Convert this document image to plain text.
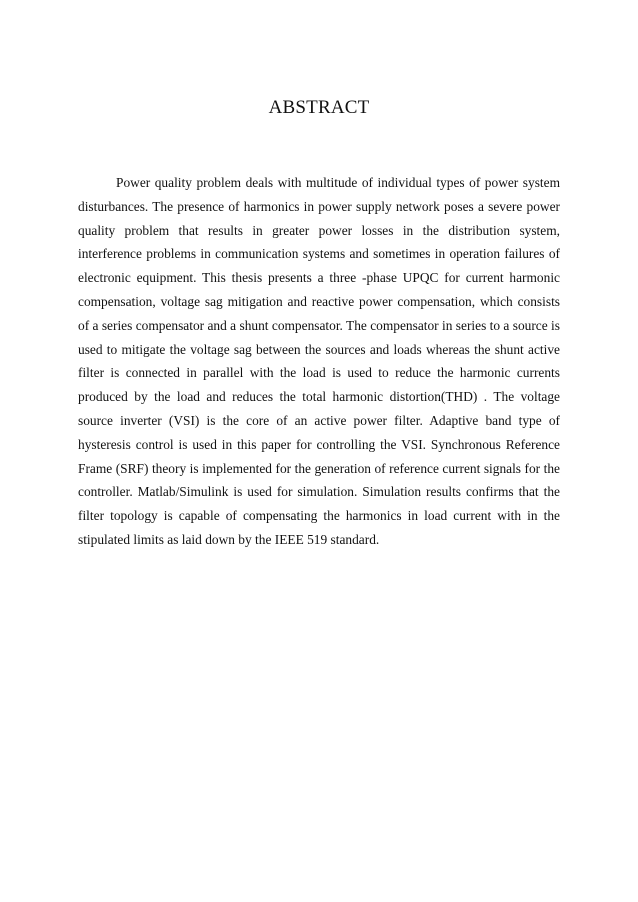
ABSTRACT

Power quality problem deals with multitude of individual types of power system disturbances. The presence of harmonics in power supply network poses a severe power quality problem that results in greater power losses in the distribution system, interference problems in communication systems and sometimes in operation failures of electronic equipment. This thesis presents a three -phase UPQC for current harmonic compensation, voltage sag mitigation and reactive power compensation, which consists of a series compensator and a shunt compensator. The compensator in series to a source is used to mitigate the voltage sag between the sources and loads whereas the shunt active filter is connected in parallel with the load is used to reduce the harmonic currents produced by the load and reduces the total harmonic distortion(THD) . The voltage source inverter (VSI) is the core of an active power filter. Adaptive band type of hysteresis control is used in this paper for controlling the VSI. Synchronous Reference Frame (SRF) theory is implemented for the generation of reference current signals for the controller. Matlab/Simulink is used for simulation. Simulation results confirms that the filter topology is capable of compensating the harmonics in load current with in the stipulated limits as laid down by the IEEE 519 standard.
